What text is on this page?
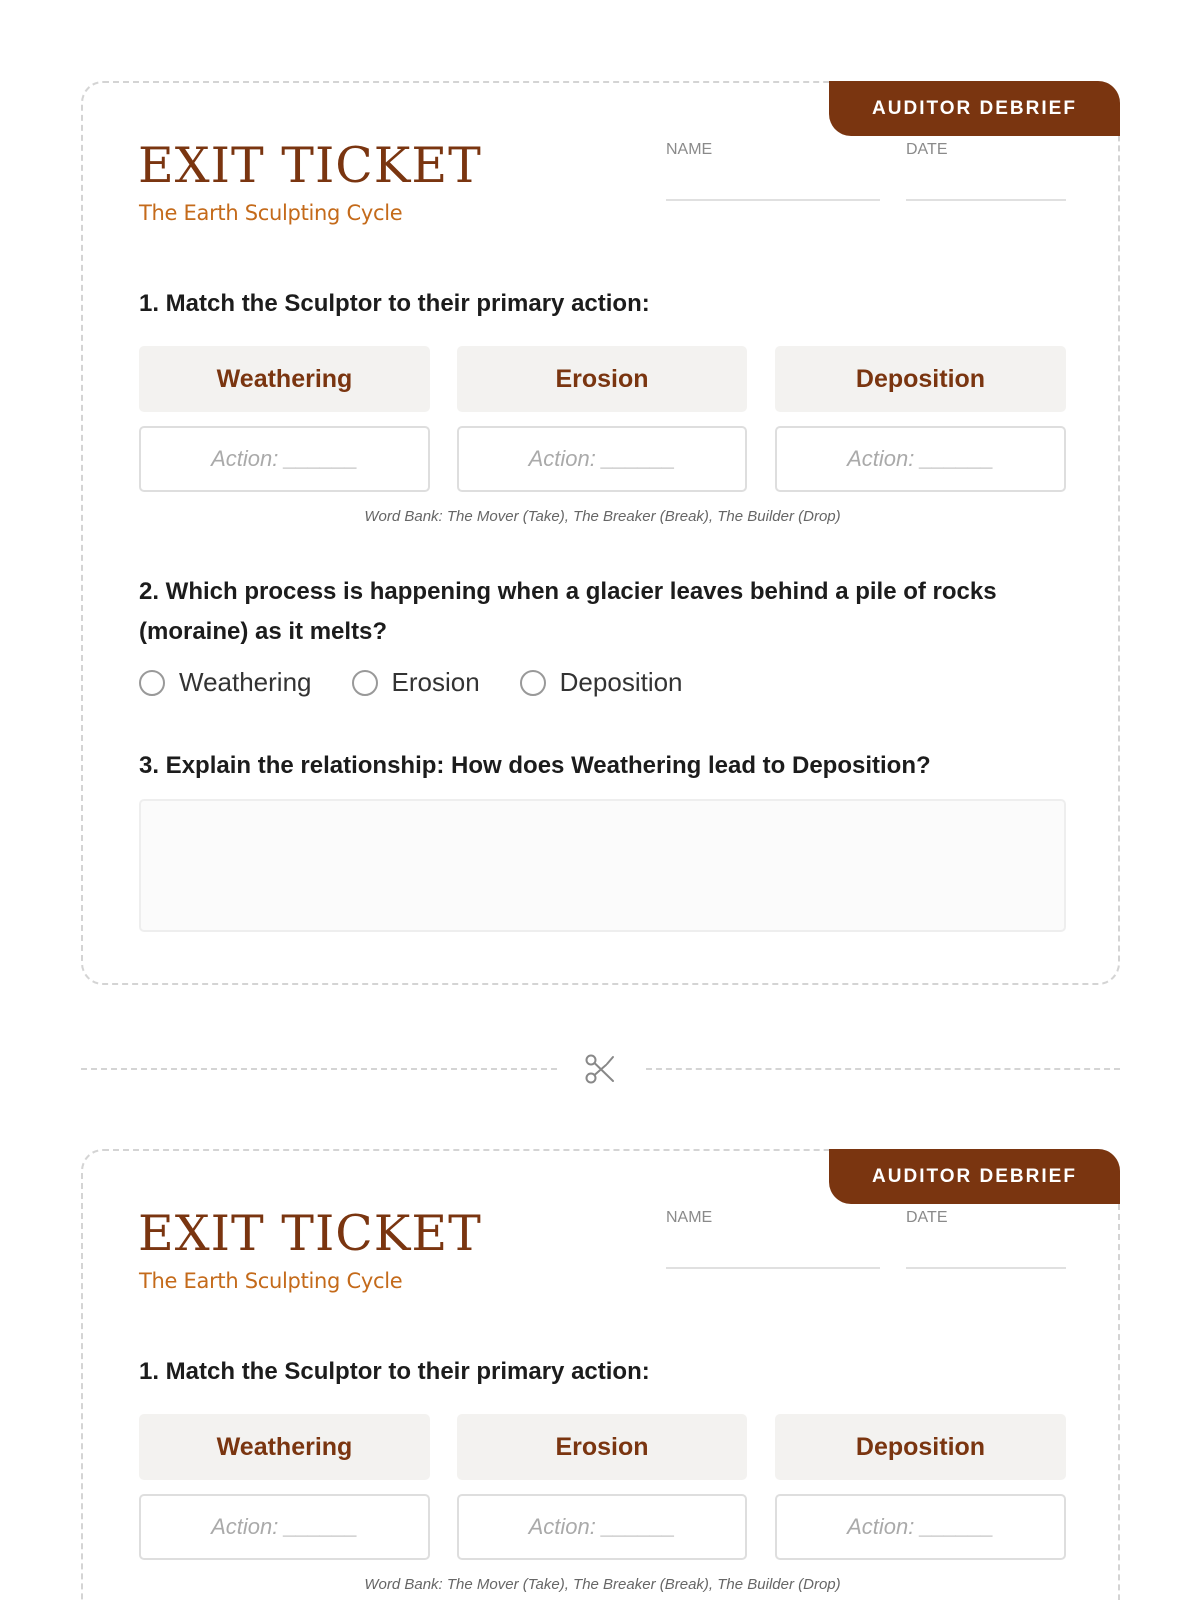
AUDITOR DEBRIEF
EXIT TICKET
The Earth Sculpting Cycle
NAME	DATE
1. Match the Sculptor to their primary action:
Weathering	Erosion	Deposition
Action: ______	Action: ______	Action: ______
Word Bank: The Mover (Take), The Breaker (Break), The Builder (Drop)
2. Which process is happening when a glacier leaves behind a pile of rocks (moraine) as it melts?
Weathering	Erosion	Deposition
3. Explain the relationship: How does Weathering lead to Deposition?
AUDITOR DEBRIEF
EXIT TICKET
The Earth Sculpting Cycle
NAME	DATE
1. Match the Sculptor to their primary action:
Weathering	Erosion	Deposition
Action: ______	Action: ______	Action: ______
Word Bank: The Mover (Take), The Breaker (Break), The Builder (Drop)
